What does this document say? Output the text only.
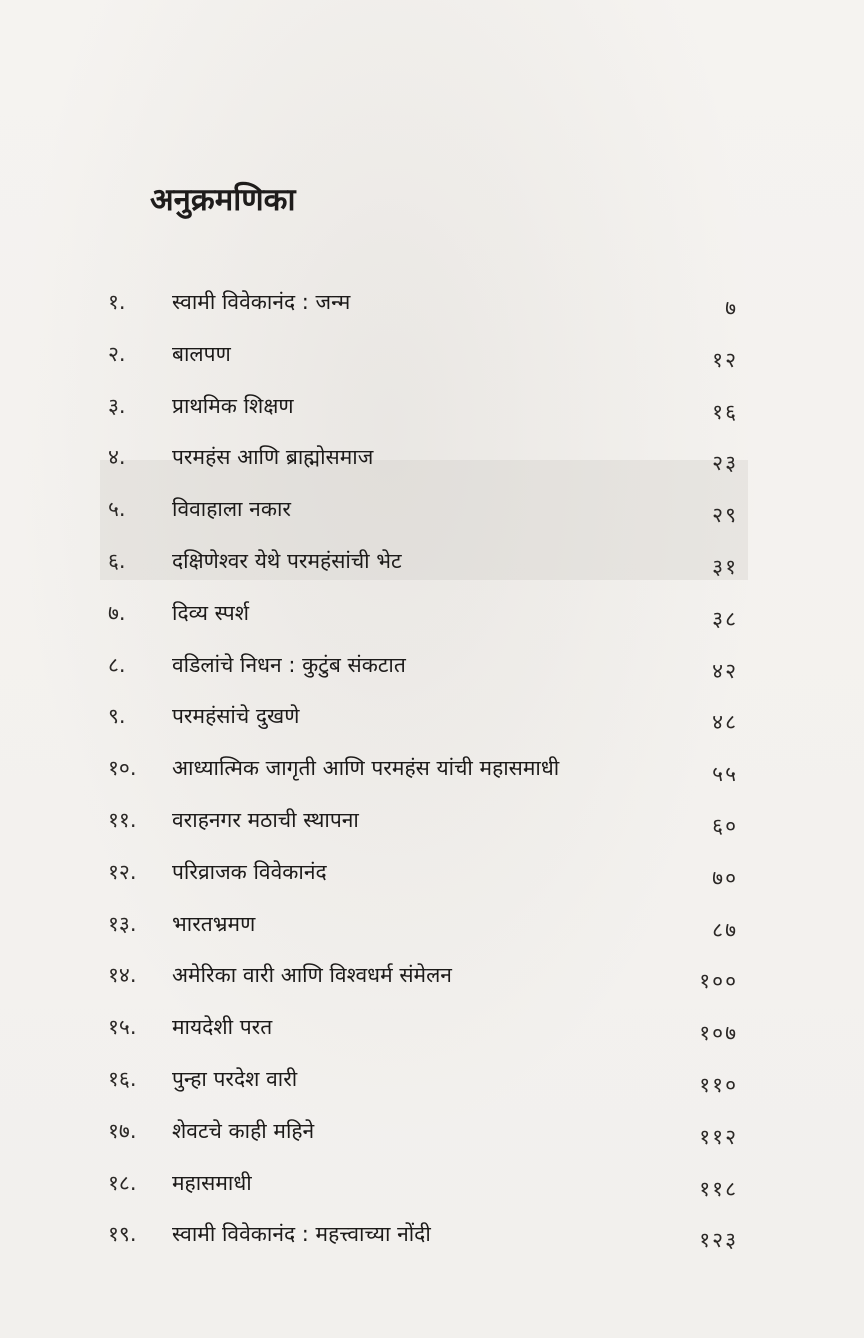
अनुक्रमणिका
१.	स्वामी विवेकानंद : जन्म	७
२.	बालपण	१२
३.	प्राथमिक शिक्षण	१६
४.	परमहंस आणि ब्राह्मोसमाज	२३
५.	विवाहाला नकार	२९
६.	दक्षिणेश्वर येथे परमहंसांची भेट	३१
७.	दिव्य स्पर्श	३८
८.	वडिलांचे निधन : कुटुंब संकटात	४२
९.	परमहंसांचे दुखणे	४८
१०.	आध्यात्मिक जागृती आणि परमहंस यांची महासमाधी	५५
११.	वराहनगर मठाची स्थापना	६०
१२.	परिव्राजक विवेकानंद	७०
१३.	भारतभ्रमण	८७
१४.	अमेरिका वारी आणि विश्वधर्म संमेलन	१००
१५.	मायदेशी परत	१०७
१६.	पुन्हा परदेश वारी	११०
१७.	शेवटचे काही महिने	११२
१८.	महासमाधी	११८
१९.	स्वामी विवेकानंद : महत्त्वाच्या नोंदी	१२३
